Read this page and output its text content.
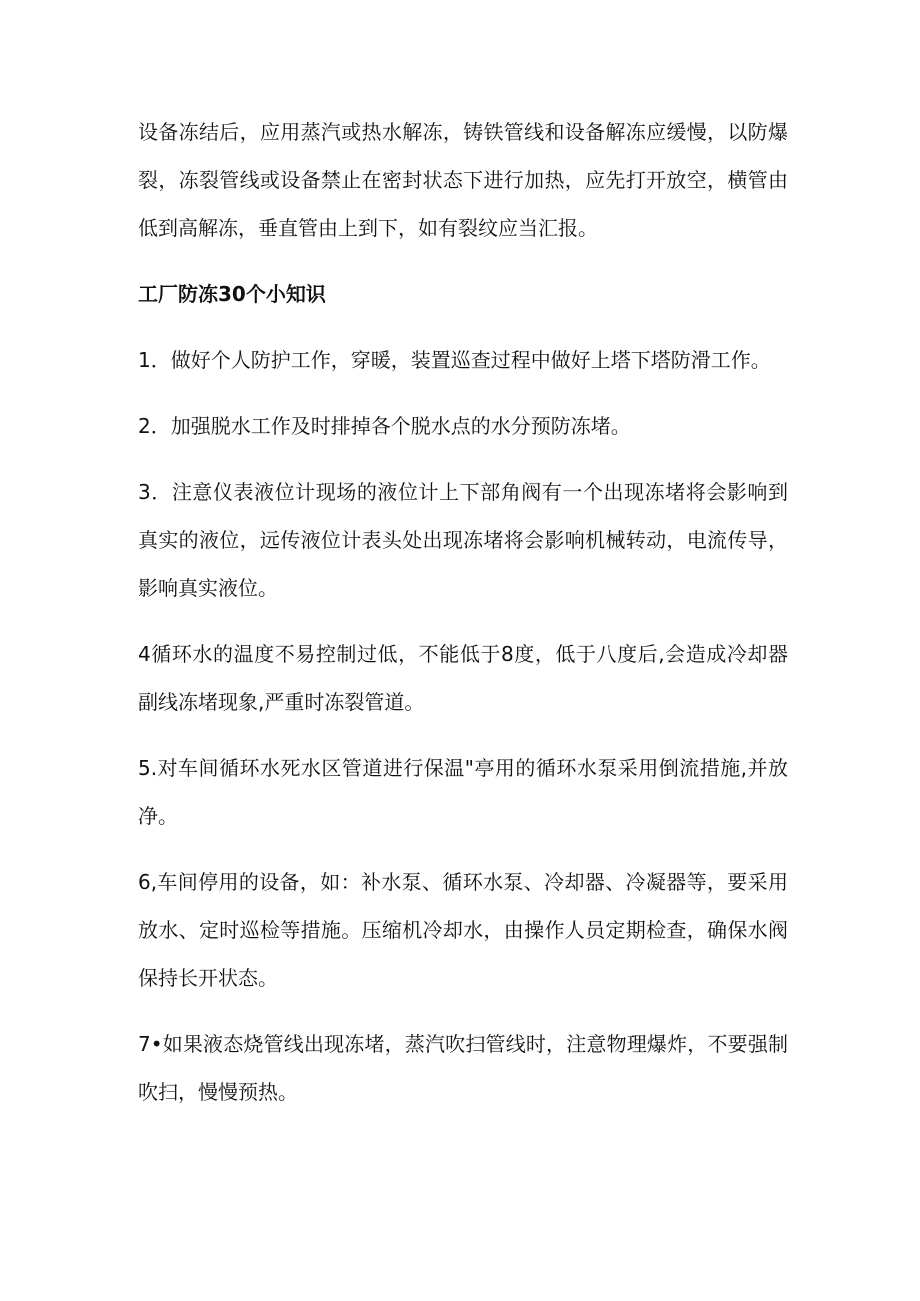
设备冻结后，应用蒸汽或热水解冻，铸铁管线和设备解冻应缓慢，以防爆裂，冻裂管线或设备禁止在密封状态下进行加热，应先打开放空，横管由低到高解冻，垂直管由上到下，如有裂纹应当汇报。

工厂防冻30个小知识

1．做好个人防护工作，穿暖，装置巡查过程中做好上塔下塔防滑工作。

2．加强脱水工作及时排掉各个脱水点的水分预防冻堵。

3．注意仪表液位计现场的液位计上下部角阀有一个出现冻堵将会影响到真实的液位，远传液位计表头处出现冻堵将会影响机械转动，电流传导，影响真实液位。

4循环水的温度不易控制过低，不能低于8度，低于八度后,会造成冷却器副线冻堵现象,严重时冻裂管道。

5.对车间循环水死水区管道进行保温"亭用的循环水泵采用倒流措施,并放净。

6,车间停用的设备，如：补水泵、循环水泵、冷却器、冷凝器等，要采用放水、定时巡检等措施。压缩机冷却水，由操作人员定期检查，确保水阀保持长开状态。

7•如果液态烧管线出现冻堵，蒸汽吹扫管线时，注意物理爆炸，不要强制吹扫，慢慢预热。
